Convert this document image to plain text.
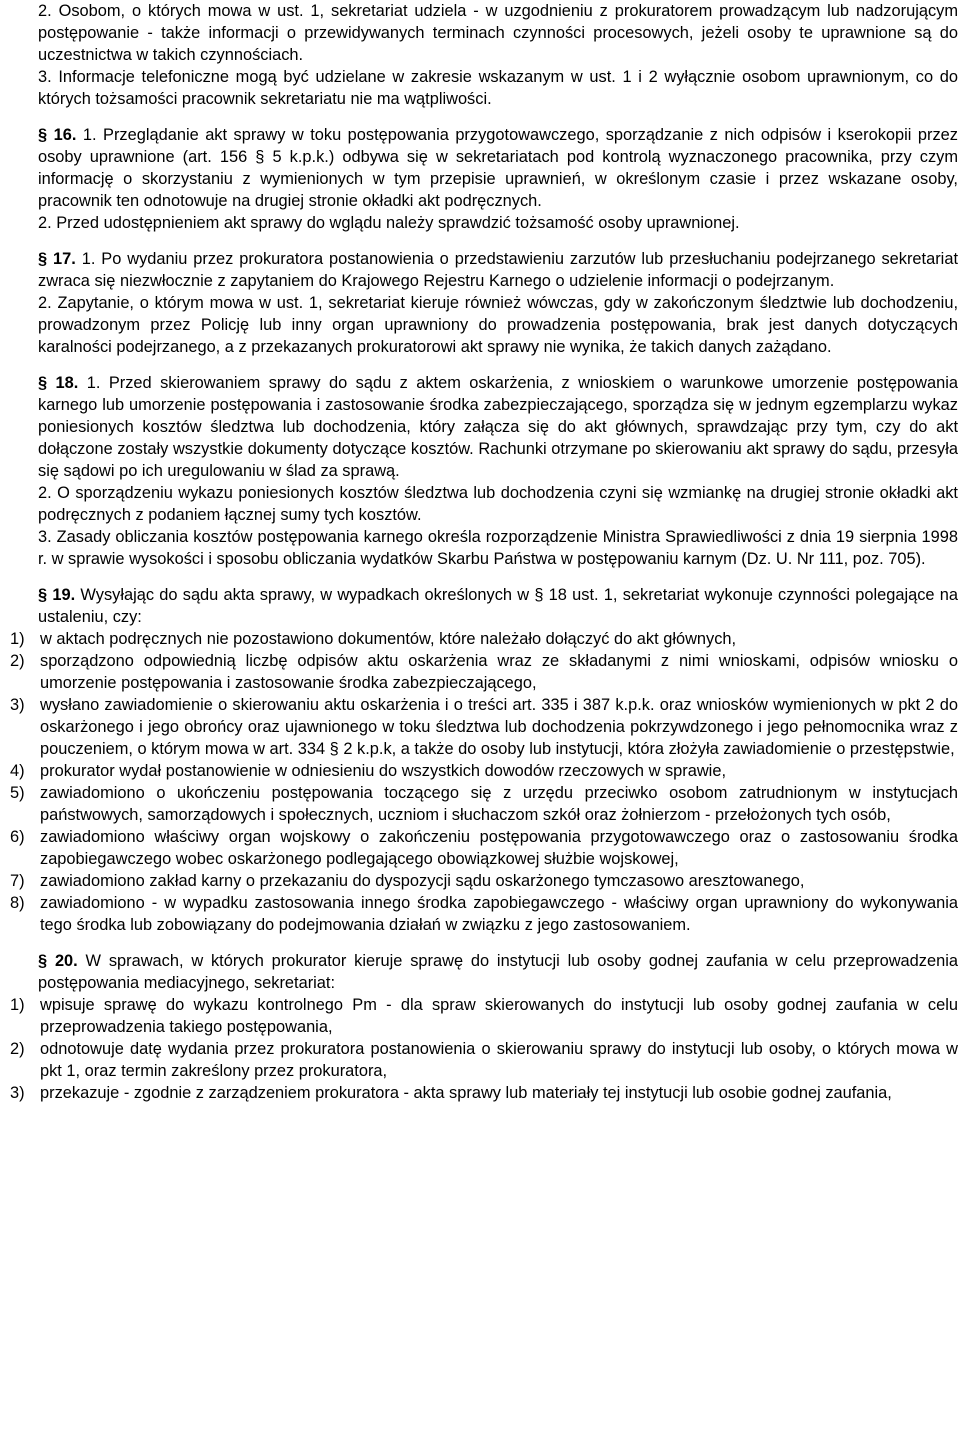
2. Osobom, o których mowa w ust. 1, sekretariat udziela - w uzgodnieniu z prokuratorem prowadzącym lub nadzorującym postępowanie - także informacji o przewidywanych terminach czynności procesowych, jeżeli osoby te uprawnione są do uczestnictwa w takich czynnościach.

3. Informacje telefoniczne mogą być udzielane w zakresie wskazanym w ust. 1 i 2 wyłącznie osobom uprawnionym, co do których tożsamości pracownik sekretariatu nie ma wątpliwości.

§ 16. 1. Przeglądanie akt sprawy w toku postępowania przygotowawczego, sporządzanie z nich odpisów i kserokopii przez osoby uprawnione (art. 156 § 5 k.p.k.) odbywa się w sekretariatach pod kontrolą wyznaczonego pracownika, przy czym informację o skorzystaniu z wymienionych w tym przepisie uprawnień, w określonym czasie i przez wskazane osoby, pracownik ten odnotowuje na drugiej stronie okładki akt podręcznych.

2. Przed udostępnieniem akt sprawy do wglądu należy sprawdzić tożsamość osoby uprawnionej.

§ 17. 1. Po wydaniu przez prokuratora postanowienia o przedstawieniu zarzutów lub przesłuchaniu podejrzanego sekretariat zwraca się niezwłocznie z zapytaniem do Krajowego Rejestru Karnego o udzielenie informacji o podejrzanym.

2. Zapytanie, o którym mowa w ust. 1, sekretariat kieruje również wówczas, gdy w zakończonym śledztwie lub dochodzeniu, prowadzonym przez Policję lub inny organ uprawniony do prowadzenia postępowania, brak jest danych dotyczących karalności podejrzanego, a z przekazanych prokuratorowi akt sprawy nie wynika, że takich danych zażądano.

§ 18. 1. Przed skierowaniem sprawy do sądu z aktem oskarżenia, z wnioskiem o warunkowe umorzenie postępowania karnego lub umorzenie postępowania i zastosowanie środka zabezpieczającego, sporządza się w jednym egzemplarzu wykaz poniesionych kosztów śledztwa lub dochodzenia, który załącza się do akt głównych, sprawdzając przy tym, czy do akt dołączone zostały wszystkie dokumenty dotyczące kosztów. Rachunki otrzymane po skierowaniu akt sprawy do sądu, przesyła się sądowi po ich uregulowaniu w ślad za sprawą.

2. O sporządzeniu wykazu poniesionych kosztów śledztwa lub dochodzenia czyni się wzmiankę na drugiej stronie okładki akt podręcznych z podaniem łącznej sumy tych kosztów.

3. Zasady obliczania kosztów postępowania karnego określa rozporządzenie Ministra Sprawiedliwości z dnia 19 sierpnia 1998 r. w sprawie wysokości i sposobu obliczania wydatków Skarbu Państwa w postępowaniu karnym (Dz. U. Nr 111, poz. 705).

§ 19. Wysyłając do sądu akta sprawy, w wypadkach określonych w § 18 ust. 1, sekretariat wykonuje czynności polegające na ustaleniu, czy:

1) w aktach podręcznych nie pozostawiono dokumentów, które należało dołączyć do akt głównych,
2) sporządzono odpowiednią liczbę odpisów aktu oskarżenia wraz ze składanymi z nimi wnioskami, odpisów wniosku o umorzenie postępowania i zastosowanie środka zabezpieczającego,
3) wysłano zawiadomienie o skierowaniu aktu oskarżenia i o treści art. 335 i 387 k.p.k. oraz wniosków wymienionych w pkt 2 do oskarżonego i jego obrońcy oraz ujawnionego w toku śledztwa lub dochodzenia pokrzywdzonego i jego pełnomocnika wraz z pouczeniem, o którym mowa w art. 334 § 2 k.p.k, a także do osoby lub instytucji, która złożyła zawiadomienie o przestępstwie,
4) prokurator wydał postanowienie w odniesieniu do wszystkich dowodów rzeczowych w sprawie,
5) zawiadomiono o ukończeniu postępowania toczącego się z urzędu przeciwko osobom zatrudnionym w instytucjach państwowych, samorządowych i społecznych, uczniom i słuchaczom szkół oraz żołnierzom - przełożonych tych osób,
6) zawiadomiono właściwy organ wojskowy o zakończeniu postępowania przygotowawczego oraz o zastosowaniu środka zapobiegawczego wobec oskarżonego podlegającego obowiązkowej służbie wojskowej,
7) zawiadomiono zakład karny o przekazaniu do dyspozycji sądu oskarżonego tymczasowo aresztowanego,
8) zawiadomiono - w wypadku zastosowania innego środka zapobiegawczego - właściwy organ uprawniony do wykonywania tego środka lub zobowiązany do podejmowania działań w związku z jego zastosowaniem.

§ 20. W sprawach, w których prokurator kieruje sprawę do instytucji lub osoby godnej zaufania w celu przeprowadzenia postępowania mediacyjnego, sekretariat:

1) wpisuje sprawę do wykazu kontrolnego Pm - dla spraw skierowanych do instytucji lub osoby godnej zaufania w celu przeprowadzenia takiego postępowania,
2) odnotowuje datę wydania przez prokuratora postanowienia o skierowaniu sprawy do instytucji lub osoby, o których mowa w pkt 1, oraz termin zakreślony przez prokuratora,
3) przekazuje - zgodnie z zarządzeniem prokuratora - akta sprawy lub materiały tej instytucji lub osobie godnej zaufania,
